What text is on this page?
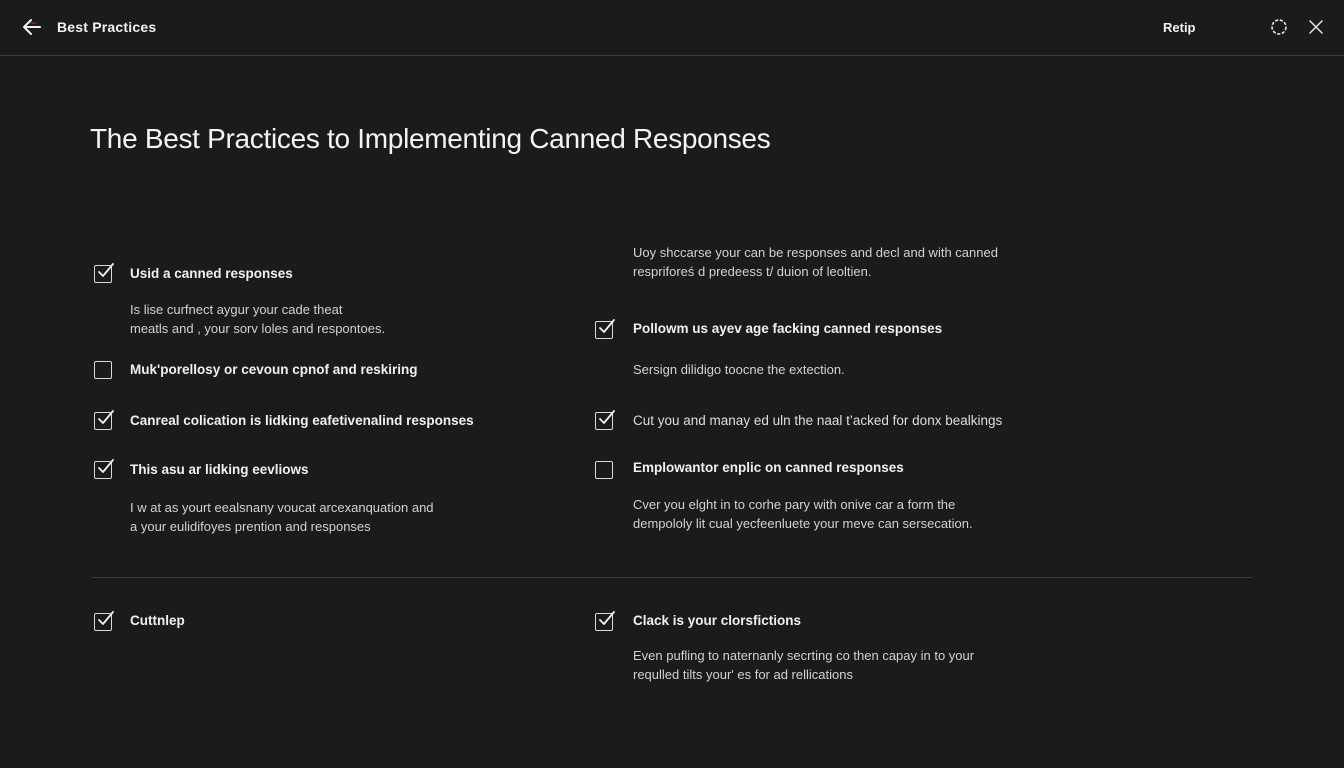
Best Practices	Retip
The Best Practices to Implementing Canned Responses

Uoy shccarse your can be responses and decl and with canned
respriforeś d predeess t/ duion of leoltien.

Usid a canned responses

Is lise curfnect aygur your cade theat
meatls and , your sorv loles and respontoes.

Muk'porellosy or cevoun cpnof and reskiring
Canreal colication is lidking eafetivenalind responses
This asu ar lidking eevliows

I w at as yourt eealsnany voucat arcexanquation and
a your eulidifoyes prention and responses

Pollowm us ayev age facking canned responses

Sersign dilidigo toocne the extection.

Cut you and manay ed uln the naal t’acked for donx bealkings
Emplowantor enplic on canned responses

Cver you elght in to corhe pary with onive car a form the
dempololy lit cual yecfeenluete your meve can sersecation.

Cuttnlep	Clack is your clorsfictions

Even pufling to naternanly secrting co then capay in to your
requlled tilts your' es for ad rellications
